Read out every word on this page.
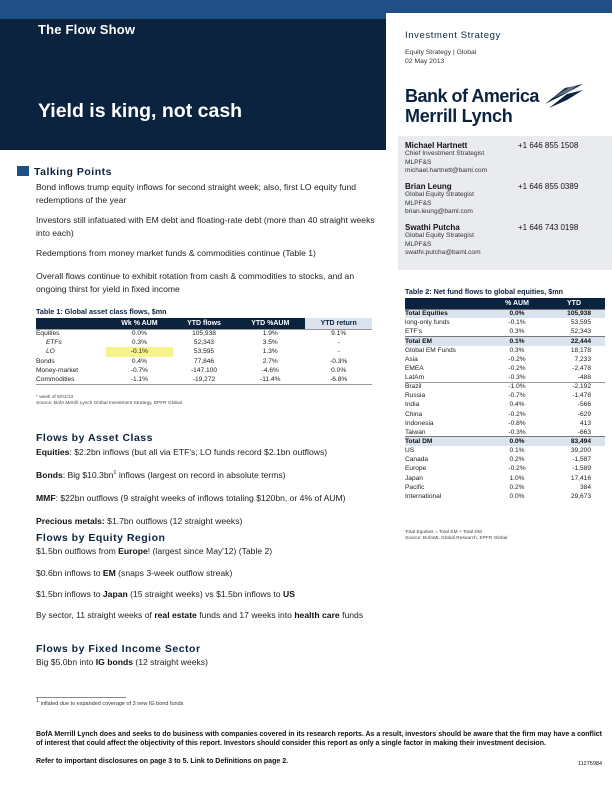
The Flow Show
Yield is king, not cash
Investment Strategy
Equity Strategy | Global
02 May 2013
Bank of America
Merrill Lynch
Michael Hartnett	+1 646 855 1508
Chief Investment Strategist
MLPF&S
michael.hartnett@baml.com
Brian Leung	+1 646 855 0389
Global Equity Strategist
MLPF&S
brian.leung@baml.com
Swathi Putcha	+1 646 743 0198
Global Equity Strategist
MLPF&S
swathi.putcha@baml.com
Talking Points
Bond inflows trump equity inflows for second straight week; also, first LO equity fund redemptions of the year
Investors still infatuated with EM debt and floating-rate debt (more than 40 straight weeks into each)
Redemptions from money market funds & commodities continue (Table 1)
Overall flows continue to exhibit rotation from cash & commodities to stocks, and an ongoing thirst for yield in fixed income
Table 1: Global asset class flows, $mn
	Wk % AUM	YTD flows	YTD %AUM	YTD return
Equities	0.0%	105,938	1.9%	9.1%
ETFs	0.3%	52,343	3.5%	-
LO	-0.1%	53,595	1.3%	-
Bonds	0.4%	77,846	2.7%	-0.3%
Money-market	-0.7%	-147,100	-4.6%	0.0%
Commodities	-1.1%	-19,272	-11.4%	-6.8%
* week of 5/01/13
Source: BofA Merrill Lynch Global Investment Strategy, EPFR Global
Flows by Asset Class
Equities: $2.2bn inflows (but all via ETF's; LO funds record $2.1bn outflows)
Bonds: Big $\$10.3bn^1$ inflows (largest on record in absolute terms)
MMF: $22bn outflows (9 straight weeks of inflows totaling $120bn, or 4% of AUM)
Precious metals: $1.7bn outflows (12 straight weeks)
Flows by Equity Region
$1.5bn outflows from Europe! (largest since May'12) (Table 2)
$0.6bn inflows to EM (snaps 3-week outflow streak)
$1.5bn inflows to Japan (15 straight weeks) vs $1.5bn inflows to US
By sector, 11 straight weeks of real estate funds and 17 weeks into health care funds
Flows by Fixed Income Sector
Big $5.0bn into IG bonds (12 straight weeks)
Table 2: Net fund flows to global equities, $mn
	% AUM	YTD
Total Equities	0.0%	105,938
long-only funds	-0.1%	53,595
ETF's	0.3%	52,343
Total EM	0.1%	22,444
Global EM Funds	0.3%	18,178
Asia	-0.2%	7,233
EMEA	-0.2%	-2,478
LatAm	-0.3%	-488
Brazil	-1.0%	-2,192
Russia	-0.7%	-1,478
India	0.4%	-566
China	-0.2%	-629
Indonesia	-0.8%	413
Taiwan	-0.3%	-663
Total DM	0.0%	83,494
US	0.1%	39,200
Canada	0.2%	-1,587
Europe	-0.2%	-1,589
Japan	1.0%	17,416
Pacific	0.2%	384
International	0.0%	29,673
Total Equities = Total EM + Total DM
Source: BofAML Global Research, EPFR Global
$^1$ inflated due to expanded coverage of 3 new IG bond funds
BofA Merrill Lynch does and seeks to do business with companies covered in its research reports. As a result, investors should be aware that the firm may have a conflict of interest that could affect the objectivity of this report. Investors should consider this report as only a single factor in making their investment decision.
Refer to important disclosures on page 3 to 5. Link to Definitions on page 2.	11275984
